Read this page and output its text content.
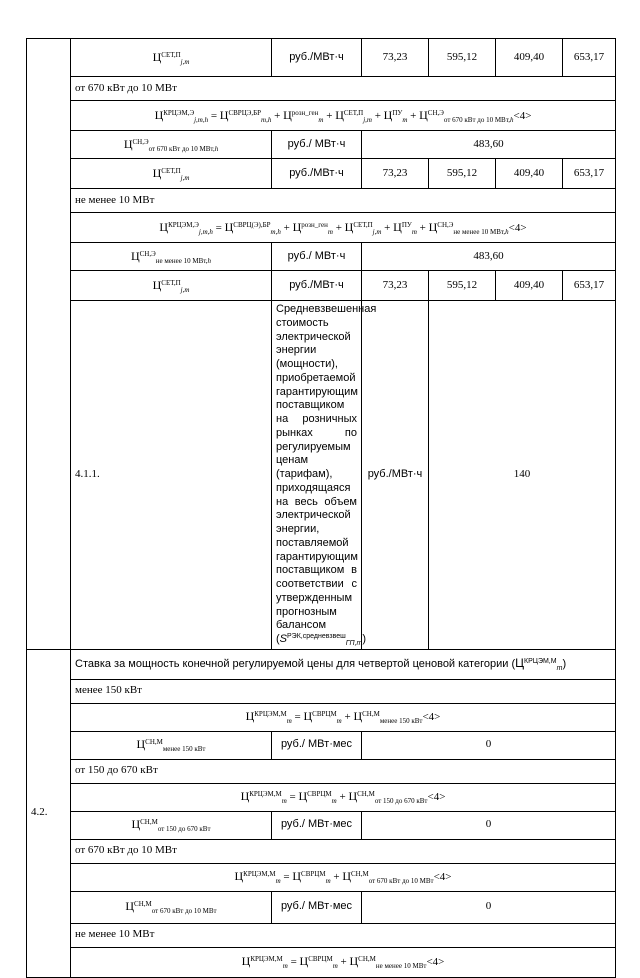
	$Ц^{СЕТ,П}_{j,m}$	руб./МВт·ч	73,23	595,12	409,40	653,17
	от 670 кВт до 10 МВт					
	$Ц^{КРЦЭМ,Э}_{j,m,h} = Ц^{СВРЦЭ,БР}_{m,h} + Ц^{розн\_ген}_m + Ц^{СЕТ,П}_{j,m} + Ц^{ПУ}_m + Ц^{СН,Э}_{от 670 кВт до 10 МВт,h}<4>$					
	$Ц^{СН,Э}_{от 670 кВт до 10 МВт,h}$	руб./ МВт·ч	483,60			
	$Ц^{СЕТ,П}_{j,m}$	руб./МВт·ч	73,23	595,12	409,40	653,17
	не менее 10 МВт					
	$Ц^{КРЦЭМ,Э}_{j,m,h} = Ц^{СВРЦ(Э),БР}_{m,h} + Ц^{розн\_ген}_m + Ц^{СЕТ,П}_{j,m} + Ц^{ПУ}_m + Ц^{СН,Э}_{не менее 10 МВт,h}<4>$					
	$Ц^{СН,Э}_{не менее 10 МВт,h}$	руб./ МВт·ч	483,60			
	$Ц^{СЕТ,П}_{j,m}$	руб./МВт·ч	73,23	595,12	409,40	653,17
	4.1.1.	Средневзвешенная стоимость электрической энергии (мощности), приобретаемой гарантирующим поставщиком на розничных рынках по регулируемым ценам (тарифам), приходящаяся на весь объем электрической энергии, поставляемой гарантирующим поставщиком в соответствии с утвержденным прогнозным балансом $(S^{РЭК,средневзвеш}_{ГП,m})$	руб./МВт·ч	140		
4.2.	Ставка за мощность конечной регулируемой цены для четвертой ценовой категории $(Ц^{КРЦЭМ,М}_m)$					
	менее 150 кВт					
	$Ц^{КРЦЭМ,М}_m = Ц^{СВРЦМ}_m + Ц^{СН,М}_{менее 150 кВт}<4>$					
	$Ц^{СН,М}_{менее 150 кВт}$	руб./ МВт·мес	0			
	от 150 до 670 кВт					
	$Ц^{КРЦЭМ,М}_m = Ц^{СВРЦМ}_m + Ц^{СН,М}_{от 150 до 670 кВт}<4>$					
	$Ц^{СН,М}_{от 150 до 670 кВт}$	руб./ МВт·мес	0			
	от 670 кВт до 10 МВт					
	$Ц^{КРЦЭМ,М}_m = Ц^{СВРЦМ}_m + Ц^{СН,М}_{от 670 кВт до 10 МВт}<4>$					
	$Ц^{СН,М}_{от 670 кВт до 10 МВт}$	руб./ МВт·мес	0			
	не менее 10 МВт					
	$Ц^{КРЦЭМ,М}_m = Ц^{СВРЦМ}_m + Ц^{СН,М}_{не менее 10 МВт}<4>$					
